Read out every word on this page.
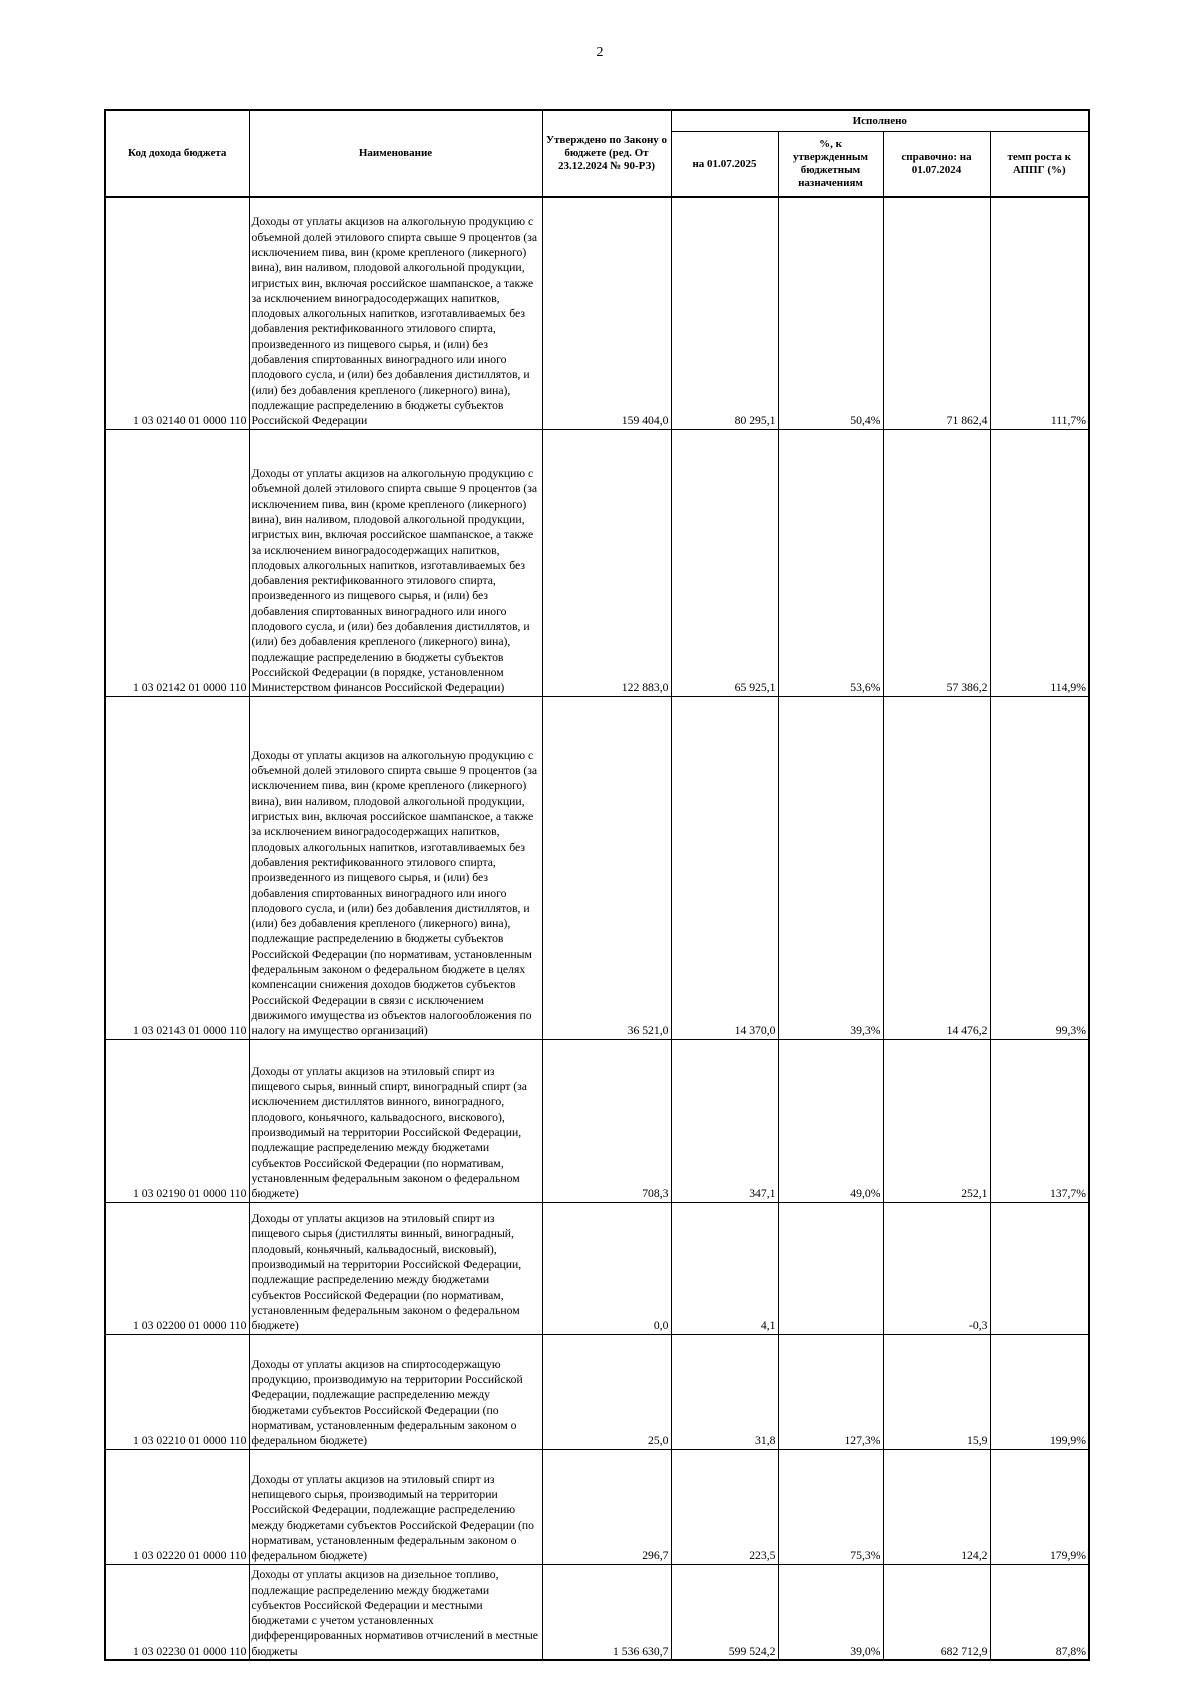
2
Код дохода бюджета	Наименование	Утверждено по Закону о бюджете (ред. От 23.12.2024 № 90-РЗ)	Исполнено			
			на 01.07.2025	%, к утвержденным бюджетным назначениям	справочно: на 01.07.2024	темп роста к АППГ (%)
1 03 02140 01 0000 110	Доходы от уплаты акцизов на алкогольную продукцию с объемной долей этилового спирта свыше 9 процентов (за исключением пива, вин (кроме крепленого (ликерного) вина), вин наливом, плодовой алкогольной продукции, игристых вин, включая российское шампанское, а также за исключением виноградосодержащих напитков, плодовых алкогольных напитков, изготавливаемых без добавления ректификованного этилового спирта, произведенного из пищевого сырья, и (или) без добавления спиртованных виноградного или иного плодового сусла, и (или) без добавления дистиллятов, и (или) без добавления крепленого (ликерного) вина), подлежащие распределению в бюджеты субъектов Российской Федерации	159 404,0	80 295,1	50,4%	71 862,4	111,7%
1 03 02142 01 0000 110	Доходы от уплаты акцизов на алкогольную продукцию с объемной долей этилового спирта свыше 9 процентов (за исключением пива, вин (кроме крепленого (ликерного) вина), вин наливом, плодовой алкогольной продукции, игристых вин, включая российское шампанское, а также за исключением виноградосодержащих напитков, плодовых алкогольных напитков, изготавливаемых без добавления ректификованного этилового спирта, произведенного из пищевого сырья, и (или) без добавления спиртованных виноградного или иного плодового сусла, и (или) без добавления дистиллятов, и (или) без добавления крепленого (ликерного) вина), подлежащие распределению в бюджеты субъектов Российской Федерации (в порядке, установленном Министерством финансов Российской Федерации)	122 883,0	65 925,1	53,6%	57 386,2	114,9%
1 03 02143 01 0000 110	Доходы от уплаты акцизов на алкогольную продукцию с объемной долей этилового спирта свыше 9 процентов (за исключением пива, вин (кроме крепленого (ликерного) вина), вин наливом, плодовой алкогольной продукции, игристых вин, включая российское шампанское, а также за исключением виноградосодержащих напитков, плодовых алкогольных напитков, изготавливаемых без добавления ректификованного этилового спирта, произведенного из пищевого сырья, и (или) без добавления спиртованных виноградного или иного плодового сусла, и (или) без добавления дистиллятов, и (или) без добавления крепленого (ликерного) вина), подлежащие распределению в бюджеты субъектов Российской Федерации (по нормативам, установленным федеральным законом о федеральном бюджете в целях компенсации снижения доходов бюджетов субъектов Российской Федерации в связи с исключением движимого имущества из объектов налогообложения по налогу на имущество организаций)	36 521,0	14 370,0	39,3%	14 476,2	99,3%
1 03 02190 01 0000 110	Доходы от уплаты акцизов на этиловый спирт из пищевого сырья, винный спирт, виноградный спирт (за исключением дистиллятов винного, виноградного, плодового, коньячного, кальвадосного, вискового), производимый на территории Российской Федерации, подлежащие распределению между бюджетами субъектов Российской Федерации (по нормативам, установленным федеральным законом о федеральном бюджете)	708,3	347,1	49,0%	252,1	137,7%
1 03 02200 01 0000 110	Доходы от уплаты акцизов на этиловый спирт из пищевого сырья (дистилляты винный, виноградный, плодовый, коньячный, кальвадосный, висковый), производимый на территории Российской Федерации, подлежащие распределению между бюджетами субъектов Российской Федерации (по нормативам, установленным федеральным законом о федеральном бюджете)	0,0	4,1		-0,3	
1 03 02210 01 0000 110	Доходы от уплаты акцизов на спиртосодержащую продукцию, производимую на территории Российской Федерации, подлежащие распределению между бюджетами субъектов Российской Федерации (по нормативам, установленным федеральным законом о федеральном бюджете)	25,0	31,8	127,3%	15,9	199,9%
1 03 02220 01 0000 110	Доходы от уплаты акцизов на этиловый спирт из непищевого сырья, производимый на территории Российской Федерации, подлежащие распределению между бюджетами субъектов Российской Федерации (по нормативам, установленным федеральным законом о федеральном бюджете)	296,7	223,5	75,3%	124,2	179,9%
1 03 02230 01 0000 110	Доходы от уплаты акцизов на дизельное топливо, подлежащие распределению между бюджетами субъектов Российской Федерации и местными бюджетами с учетом установленных дифференцированных нормативов отчислений в местные бюджеты	1 536 630,7	599 524,2	39,0%	682 712,9	87,8%
